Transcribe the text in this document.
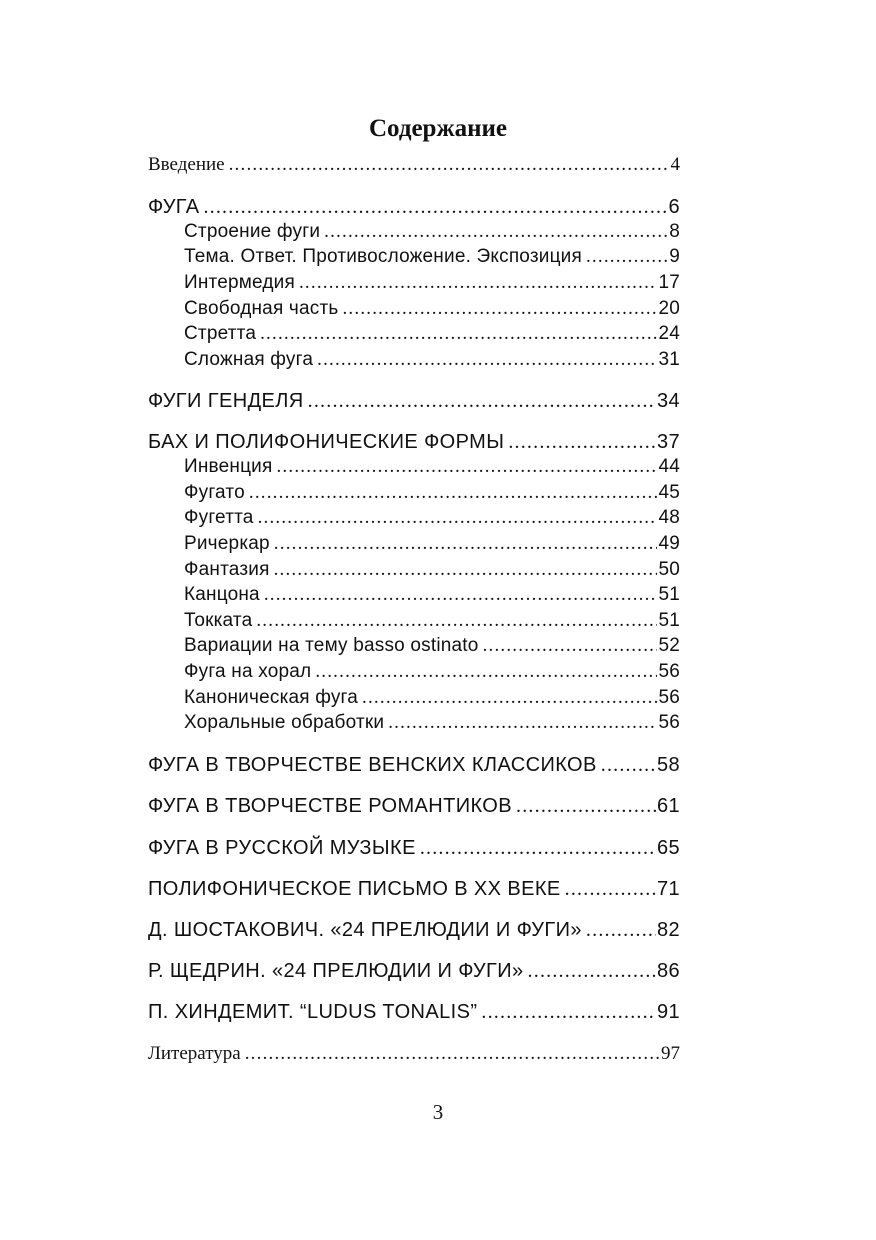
Содержание
Введение .....	4
ФУГА .....	6
Строение фуги .....	8
Тема. Ответ. Противосложение. Экспозиция .....	9
Интермедия .....	17
Свободная часть .....	20
Стретта .....	24
Сложная фуга .....	31
ФУГИ ГЕНДЕЛЯ .....	34
БАХ И ПОЛИФОНИЧЕСКИЕ ФОРМЫ .....	37
Инвенция .....	44
Фугато .....	45
Фугетта .....	48
Ричеркар .....	49
Фантазия .....	50
Канцона .....	51
Токката .....	51
Вариации на тему basso ostinato .....	52
Фуга на хорал .....	56
Каноническая фуга .....	56
Хоральные обработки .....	56
ФУГА В ТВОРЧЕСТВЕ ВЕНСКИХ КЛАССИКОВ .....	58
ФУГА В ТВОРЧЕСТВЕ РОМАНТИКОВ .....	61
ФУГА В РУССКОЙ МУЗЫКЕ .....	65
ПОЛИФОНИЧЕСКОЕ ПИСЬМО В XX ВЕКЕ .....	71
Д. ШОСТАКОВИЧ. «24 ПРЕЛЮДИИ И ФУГИ» .....	82
Р. ЩЕДРИН. «24 ПРЕЛЮДИИ И ФУГИ» .....	86
П. ХИНДЕМИТ. “LUDUS TONALIS” .....	91
Литература .....	97
3
